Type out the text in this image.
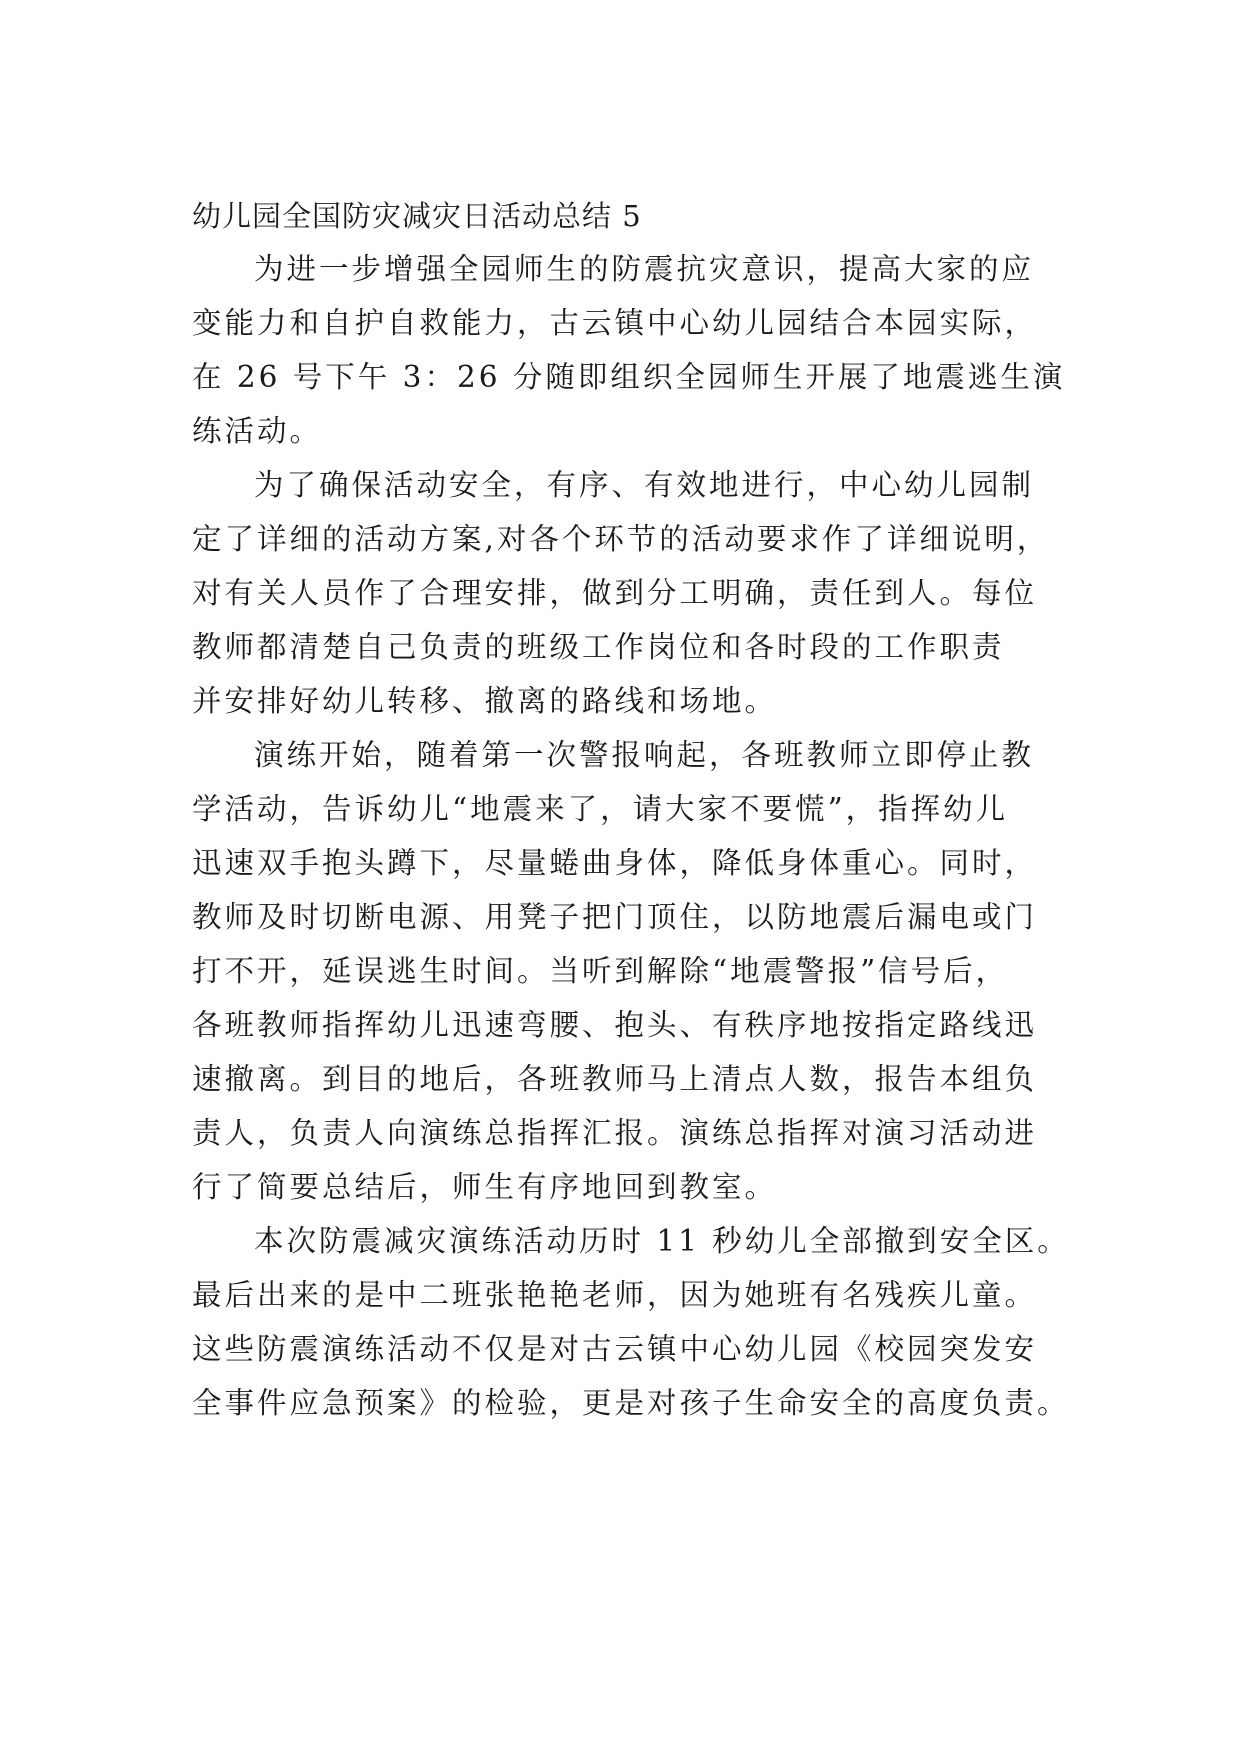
幼儿园全国防灾减灾日活动总结 5
为进一步增强全园师生的防震抗灾意识，提高大家的应
变能力和自护自救能力，古云镇中心幼儿园结合本园实际，
在 26 号下午 3：26 分随即组织全园师生开展了地震逃生演
练活动。
为了确保活动安全，有序、有效地进行，中心幼儿园制
定了详细的活动方案,对各个环节的活动要求作了详细说明，
对有关人员作了合理安排，做到分工明确，责任到人。每位
教师都清楚自己负责的班级工作岗位和各时段的工作职责
并安排好幼儿转移、撤离的路线和场地。
演练开始，随着第一次警报响起，各班教师立即停止教
学活动，告诉幼儿“地震来了，请大家不要慌”，指挥幼儿
迅速双手抱头蹲下，尽量蜷曲身体，降低身体重心。同时，
教师及时切断电源、用凳子把门顶住，以防地震后漏电或门
打不开，延误逃生时间。当听到解除“地震警报”信号后，
各班教师指挥幼儿迅速弯腰、抱头、有秩序地按指定路线迅
速撤离。到目的地后，各班教师马上清点人数，报告本组负
责人，负责人向演练总指挥汇报。演练总指挥对演习活动进
行了简要总结后，师生有序地回到教室。
本次防震减灾演练活动历时 11 秒幼儿全部撤到安全区。
最后出来的是中二班张艳艳老师，因为她班有名残疾儿童。
这些防震演练活动不仅是对古云镇中心幼儿园《校园突发安
全事件应急预案》的检验，更是对孩子生命安全的高度负责。
